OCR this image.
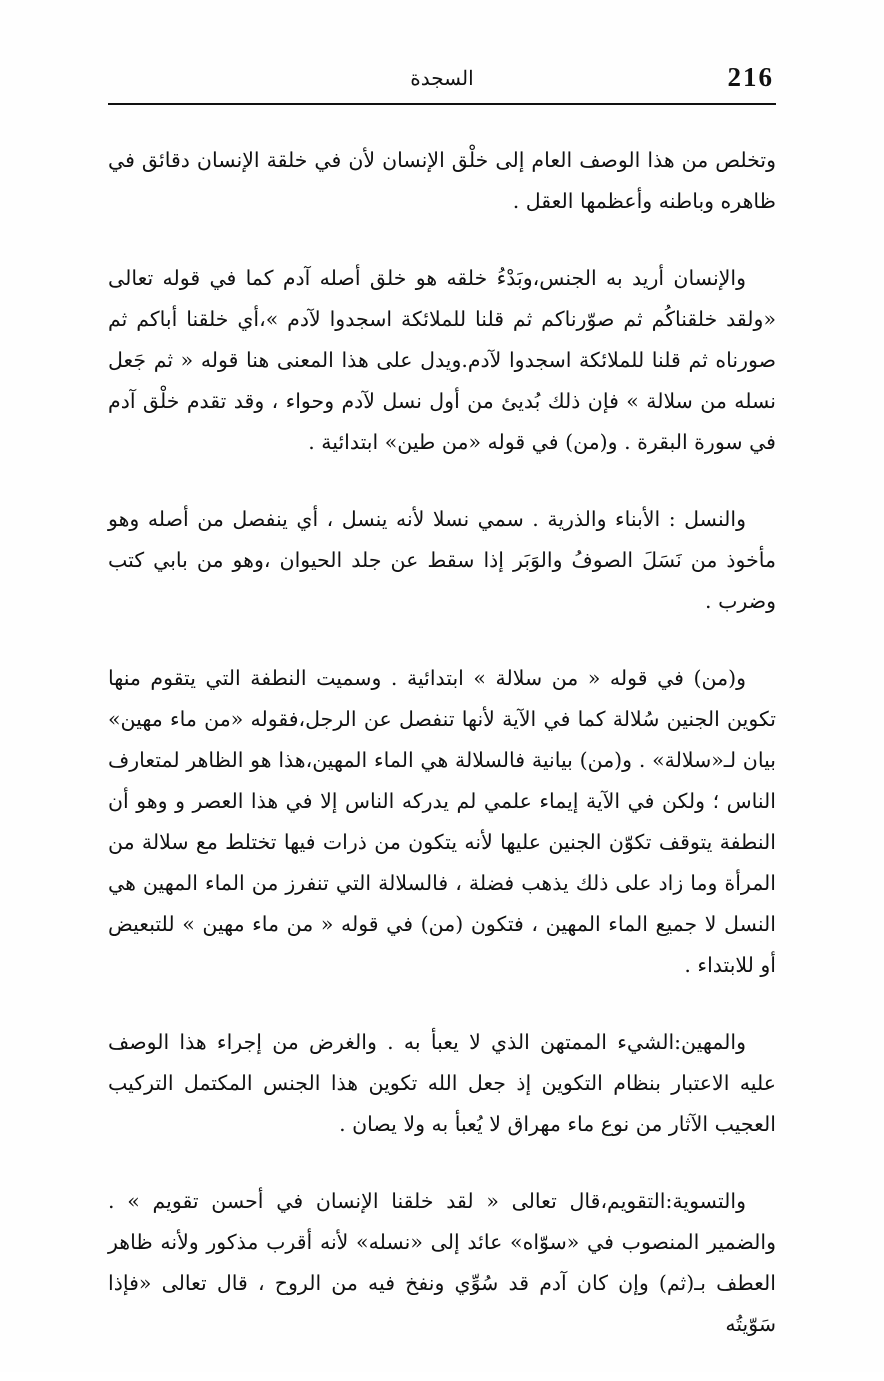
216
السجدة

وتخلص من هذا الوصف العام إلى خلْق الإنسان لأن في خلقة الإنسان دقائق في ظاهره وباطنه وأعظمها العقل .

والإنسان أريد به الجنس،وبَدْءُ خلقه هو خلق أصله آدم كما في قوله تعالى «ولقد خلقناكُم ثم صوّرناكم ثم قلنا للملائكة اسجدوا لآدم »،أي خلقنا أباكم ثم صورناه ثم قلنا للملائكة اسجدوا لآدم.ويدل على هذا المعنى هنا قوله « ثم جَعل نسله من سلالة » فإن ذلك بُديئ من أول نسل لآدم وحواء ، وقد تقدم خلْق آدم في سورة البقرة . و(من) في قوله «من طين» ابتدائية .

والنسل : الأبناء والذرية . سمي نسلا لأنه ينسل ، أي ينفصل من أصله وهو مأخوذ من نَسَلَ الصوفُ والوَبَر إذا سقط عن جلد الحيوان ،وهو من بابي كتب وضرب .

و(من) في قوله « من سلالة » ابتدائية . وسميت النطفة التي يتقوم منها تكوين الجنين سُلالة كما في الآية لأنها تنفصل عن الرجل،فقوله «من ماء مهين» بيان لـ«سلالة» . و(من) بيانية فالسلالة هي الماء المهين،هذا هو الظاهر لمتعارف الناس ؛ ولكن في الآية إيماء علمي لم يدركه الناس إلا في هذا العصر و وهو أن النطفة يتوقف تكوّن الجنين عليها لأنه يتكون من ذرات فيها تختلط مع سلالة من المرأة وما زاد على ذلك يذهب فضلة ، فالسلالة التي تنفرز من الماء المهين هي النسل لا جميع الماء المهين ، فتكون (من) في قوله « من ماء مهين » للتبعيض أو للابتداء .

والمهين:الشيء الممتهن الذي لا يعبأ به . والغرض من إجراء هذا الوصف عليه الاعتبار بنظام التكوين إذ جعل الله تكوين هذا الجنس المكتمل التركيب العجيب الآثار من نوع ماء مهراق لا يُعبأ به ولا يصان .

والتسوية:التقويم،قال تعالى « لقد خلقنا الإنسان في أحسن تقويم » . والضمير المنصوب في «سوّاه» عائد إلى «نسله» لأنه أقرب مذكور ولأنه ظاهر العطف بـ(ثم) وإن كان آدم قد سُوِّي ونفخ فيه من الروح ، قال تعالى «فإذا سَوّيتُه
